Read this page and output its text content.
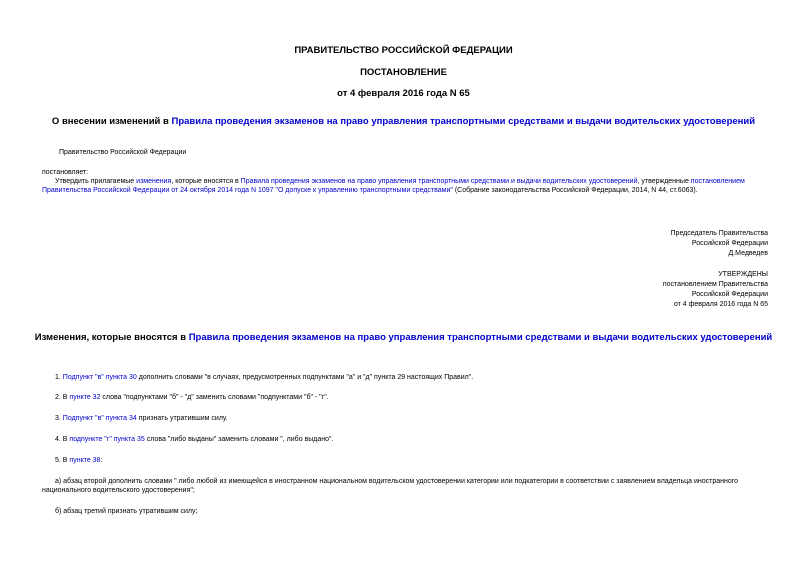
ПРАВИТЕЛЬСТВО РОССИЙСКОЙ ФЕДЕРАЦИИ
ПОСТАНОВЛЕНИЕ
от 4 февраля 2016 года N 65
О внесении изменений в Правила проведения экзаменов на право управления транспортными средствами и выдачи водительских удостоверений
Правительство Российской Федерации
постановляет:
Утвердить прилагаемые изменения, которые вносятся в Правила проведения экзаменов на право управления транспортными средствами и выдачи водительских удостоверений, утвержденные постановлением
Правительства Российской Федерации от 24 октября 2014 года N 1097 "О допуске к управлению транспортными средствами" (Собрание законодательства Российской Федерации, 2014, N 44, ст.6063).
Председатель Правительства
Российской Федерации
Д.Медведев
УТВЕРЖДЕНЫ
постановлением Правительства
Российской Федерации
от 4 февраля 2016 года N 65
Изменения, которые вносятся в Правила проведения экзаменов на право управления транспортными средствами и выдачи водительских удостоверений
1. Подпункт "в" пункта 30 дополнить словами "в случаях, предусмотренных подпунктами "а" и "д" пункта 29 настоящих Правил".
2. В пункте 32 слова "подпунктами "б" - "д" заменить словами "подпунктами "б" - "г".
3. Подпункт "в" пункта 34 признать утратившим силу.
4. В подпункте "г" пункта 35 слова "либо выданы" заменить словами ", либо выдано".
5. В пункте 38:
а) абзац второй дополнить словами " либо любой из имеющейся в иностранном национальном водительском удостоверении категории или подкатегории в соответствии с заявлением владельца иностранного
национального водительского удостоверения";
б) абзац третий признать утратившим силу;
